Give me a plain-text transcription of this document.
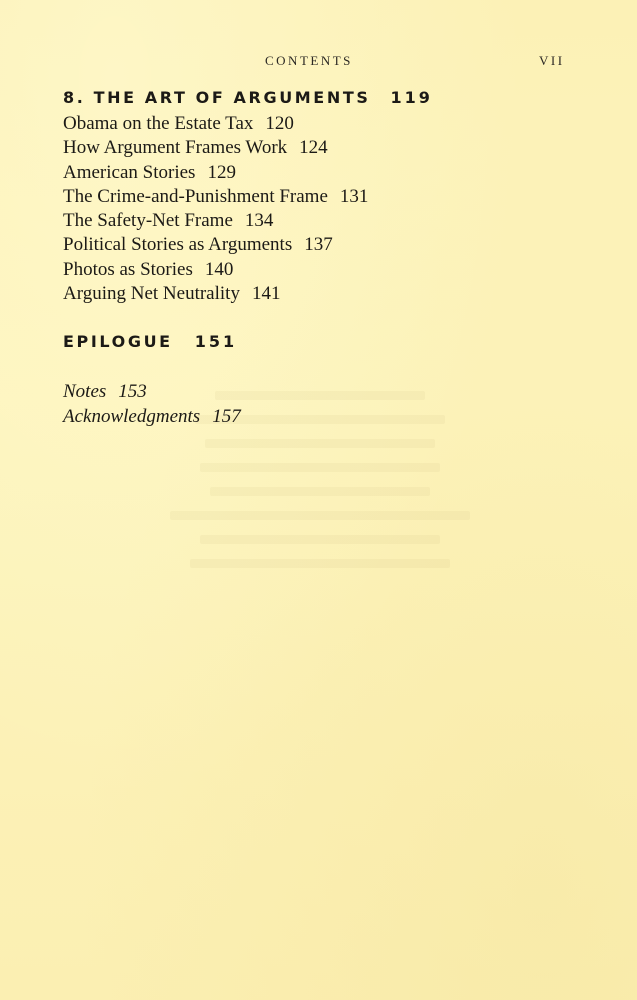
CONTENTS	VII

8. THE ART OF ARGUMENTS 119
Obama on the Estate Tax 120
How Argument Frames Work 124
American Stories 129
The Crime-and-Punishment Frame 131
The Safety-Net Frame 134
Political Stories as Arguments 137
Photos as Stories 140
Arguing Net Neutrality 141
EPILOGUE 151
Notes 153
Acknowledgments 157
